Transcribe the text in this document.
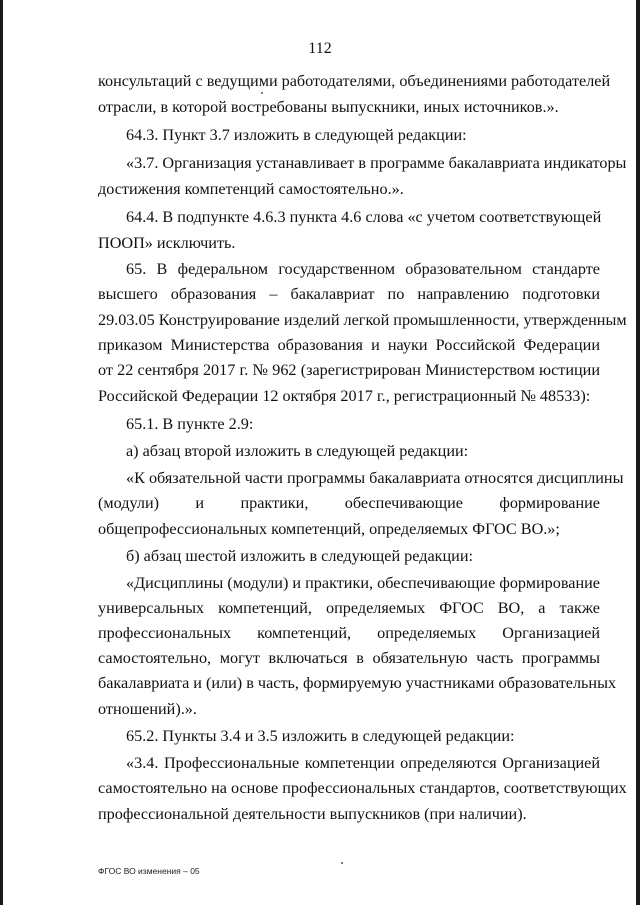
112
консультаций с ведущими работодателями, объединениями работодателей
отрасли, в которой востребованы выпускники, иных источников.».
64.3. Пункт 3.7 изложить в следующей редакции:
«3.7. Организация устанавливает в программе бакалавриата индикаторы
достижения компетенций самостоятельно.».
64.4. В подпункте 4.6.3 пункта 4.6 слова «с учетом соответствующей
ПООП» исключить.
65. В федеральном государственном образовательном стандарте
высшего образования – бакалавриат по направлению подготовки
29.03.05 Конструирование изделий легкой промышленности, утвержденным
приказом Министерства образования и науки Российской Федерации
от 22 сентября 2017 г. № 962 (зарегистрирован Министерством юстиции
Российской Федерации 12 октября 2017 г., регистрационный № 48533):
65.1. В пункте 2.9:
а) абзац второй изложить в следующей редакции:
«К обязательной части программы бакалавриата относятся дисциплины
(модули) и практики, обеспечивающие формирование
общепрофессиональных компетенций, определяемых ФГОС ВО.»;
б) абзац шестой изложить в следующей редакции:
«Дисциплины (модули) и практики, обеспечивающие формирование
универсальных компетенций, определяемых ФГОС ВО, а также
профессиональных компетенций, определяемых Организацией
самостоятельно, могут включаться в обязательную часть программы
бакалавриата и (или) в часть, формируемую участниками образовательных
отношений).».
65.2. Пункты 3.4 и 3.5 изложить в следующей редакции:
«3.4. Профессиональные компетенции определяются Организацией
самостоятельно на основе профессиональных стандартов, соответствующих
профессиональной деятельности выпускников (при наличии).
ФГОС ВО изменения – 05
